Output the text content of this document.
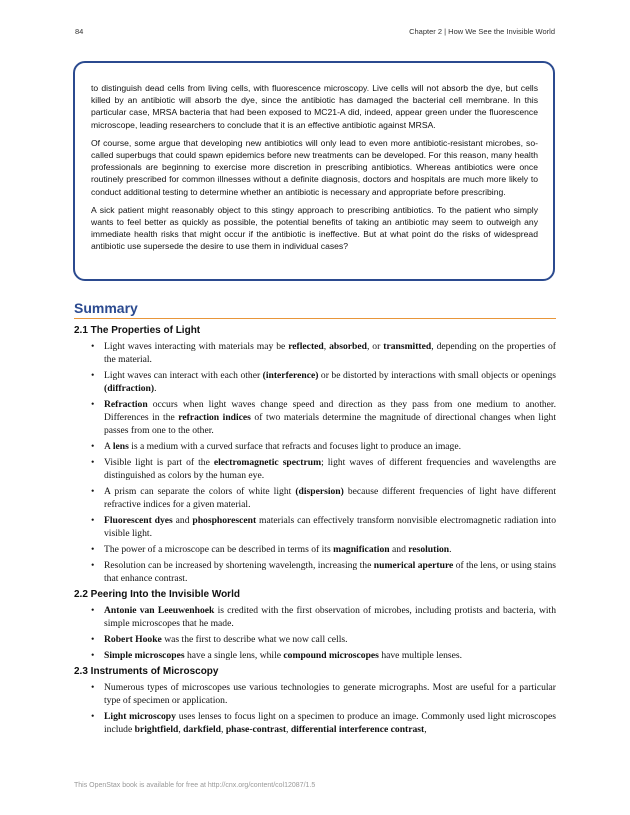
84	Chapter 2 | How We See the Invisible World

to distinguish dead cells from living cells, with fluorescence microscopy. Live cells will not absorb the dye, but cells killed by an antibiotic will absorb the dye, since the antibiotic has damaged the bacterial cell membrane. In this particular case, MRSA bacteria that had been exposed to MC21-A did, indeed, appear green under the fluorescence microscope, leading researchers to conclude that it is an effective antibiotic against MRSA.

Of course, some argue that developing new antibiotics will only lead to even more antibiotic-resistant microbes, so-called superbugs that could spawn epidemics before new treatments can be developed. For this reason, many health professionals are beginning to exercise more discretion in prescribing antibiotics. Whereas antibiotics were once routinely prescribed for common illnesses without a definite diagnosis, doctors and hospitals are much more likely to conduct additional testing to determine whether an antibiotic is necessary and appropriate before prescribing.

A sick patient might reasonably object to this stingy approach to prescribing antibiotics. To the patient who simply wants to feel better as quickly as possible, the potential benefits of taking an antibiotic may seem to outweigh any immediate health risks that might occur if the antibiotic is ineffective. But at what point do the risks of widespread antibiotic use supersede the desire to use them in individual cases?

Summary
2.1 The Properties of Light
• Light waves interacting with materials may be reflected, absorbed, or transmitted, depending on the properties of the material.
• Light waves can interact with each other (interference) or be distorted by interactions with small objects or openings (diffraction).
• Refraction occurs when light waves change speed and direction as they pass from one medium to another. Differences in the refraction indices of two materials determine the magnitude of directional changes when light passes from one to the other.
• A lens is a medium with a curved surface that refracts and focuses light to produce an image.
• Visible light is part of the electromagnetic spectrum; light waves of different frequencies and wavelengths are distinguished as colors by the human eye.
• A prism can separate the colors of white light (dispersion) because different frequencies of light have different refractive indices for a given material.
• Fluorescent dyes and phosphorescent materials can effectively transform nonvisible electromagnetic radiation into visible light.
• The power of a microscope can be described in terms of its magnification and resolution.
• Resolution can be increased by shortening wavelength, increasing the numerical aperture of the lens, or using stains that enhance contrast.
2.2 Peering Into the Invisible World
• Antonie van Leeuwenhoek is credited with the first observation of microbes, including protists and bacteria, with simple microscopes that he made.
• Robert Hooke was the first to describe what we now call cells.
• Simple microscopes have a single lens, while compound microscopes have multiple lenses.
2.3 Instruments of Microscopy
• Numerous types of microscopes use various technologies to generate micrographs. Most are useful for a particular type of specimen or application.
• Light microscopy uses lenses to focus light on a specimen to produce an image. Commonly used light microscopes include brightfield, darkfield, phase-contrast, differential interference contrast,
This OpenStax book is available for free at http://cnx.org/content/col12087/1.5
